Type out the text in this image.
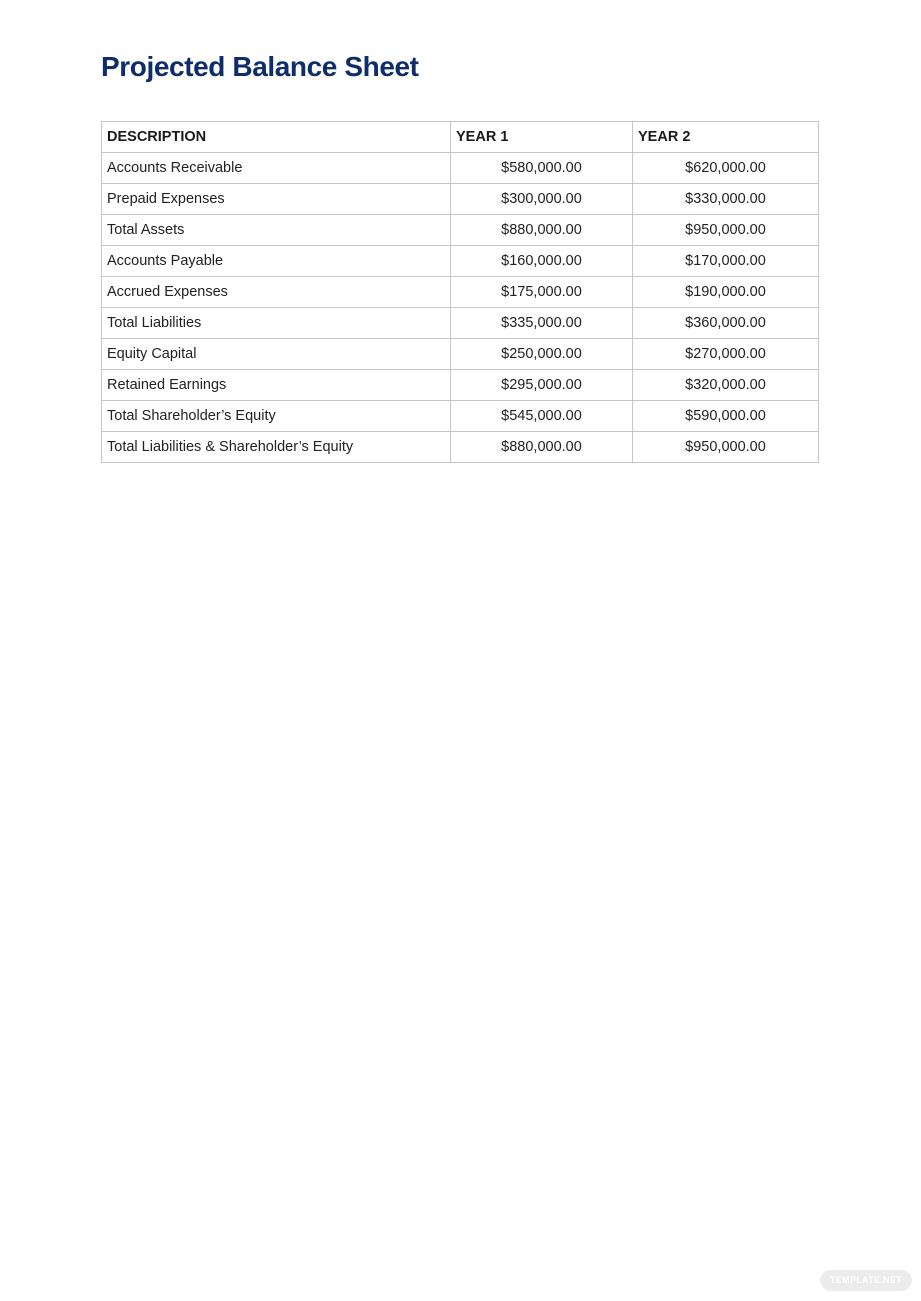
Projected Balance Sheet
DESCRIPTION	YEAR 1	YEAR 2
Accounts Receivable	$580,000.00	$620,000.00
Prepaid Expenses	$300,000.00	$330,000.00
Total Assets	$880,000.00	$950,000.00
Accounts Payable	$160,000.00	$170,000.00
Accrued Expenses	$175,000.00	$190,000.00
Total Liabilities	$335,000.00	$360,000.00
Equity Capital	$250,000.00	$270,000.00
Retained Earnings	$295,000.00	$320,000.00
Total Shareholder’s Equity	$545,000.00	$590,000.00
Total Liabilities & Shareholder’s Equity	$880,000.00	$950,000.00
TEMPLATE.NET
